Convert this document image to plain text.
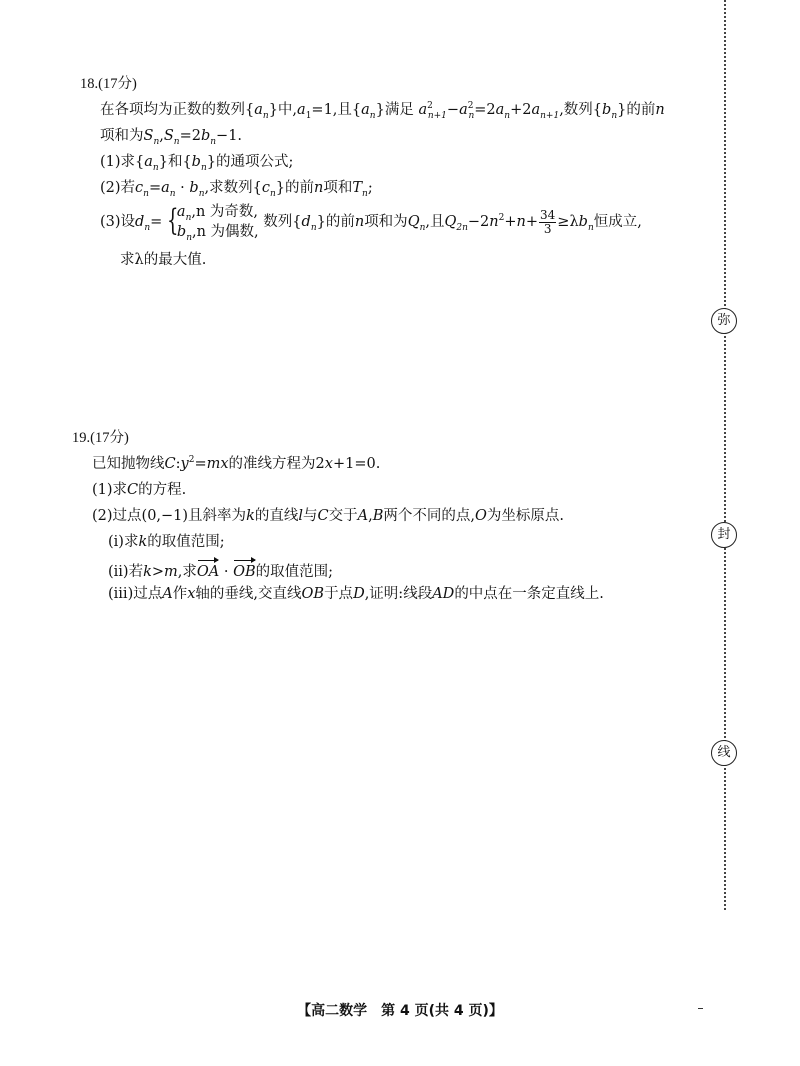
18.(17分)
在各项均为正数的数列$\{a_n\}$中$,a_1=1$,且$\{a_n\}$满足 $a^2_{n+1}-a^2_n=2a_n+2a_{n+1}$,数列$\{b_n\}$的前n
项和为$S_n,S_n=2b_n-1$.
(1)求$\{a_n\}$和$\{b_n\}$的通项公式;
(2)若$c_n=a_n \cdot b_n$,求数列$\{c_n\}$的前n项和$T_n$;
(3)设$d_n=$ {
$a_n,n$ 为奇数,
$b_n,n$ 为偶数,
数列$\{d_n\}$的前n项和为$Q_n$,且$Q_{2n}-2n^2+n+ \frac{34}{3} \ge\lambda b_n$恒成立,
求λ的最大值.
19.(17分)
已知抛物线$C:y^2=mx$的准线方程为2x+1=0.
(1)求C的方程.
(2)过点(0,−1)且斜率为k的直线l与C交于A,B两个不同的点,O为坐标原点.
(ⅰ)求k的取值范围;
(ⅱ)若k>m,求OA · OB的取值范围;
(ⅲ)过点A作x轴的垂线,交直线OB于点D,证明:线段AD的中点在一条定直线上.
弥
封
线
【高二数学　第 4 页(共 4 页)】
